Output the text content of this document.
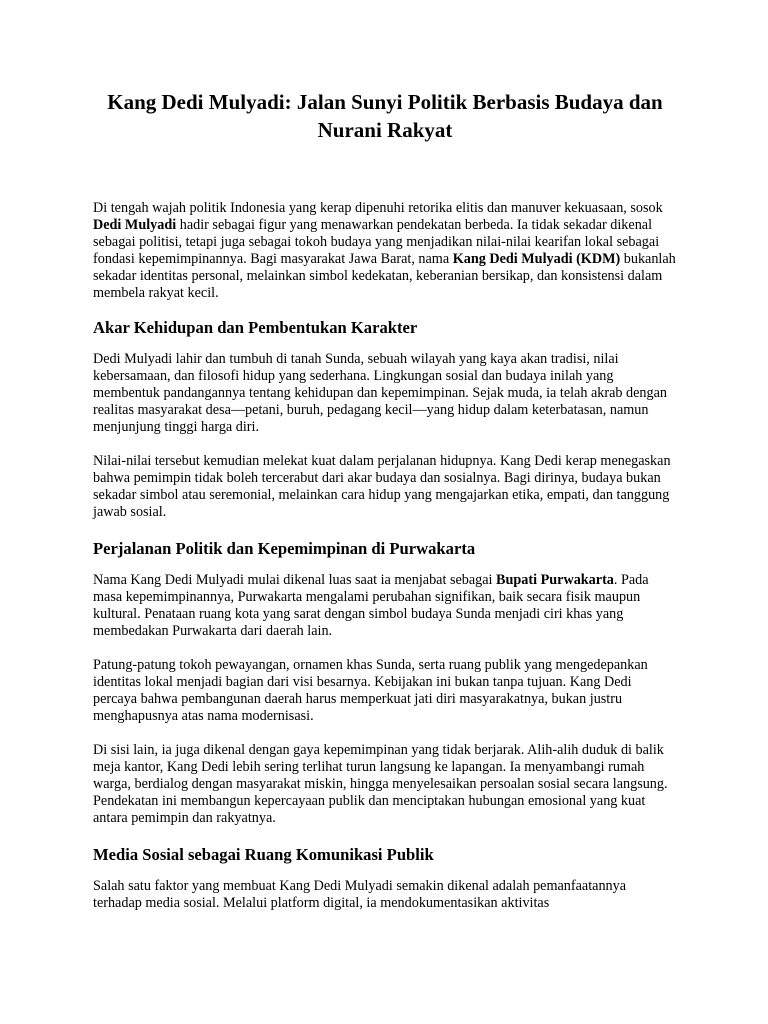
Kang Dedi Mulyadi: Jalan Sunyi Politik Berbasis Budaya dan Nurani Rakyat

Di tengah wajah politik Indonesia yang kerap dipenuhi retorika elitis dan manuver kekuasaan, sosok Dedi Mulyadi hadir sebagai figur yang menawarkan pendekatan berbeda. Ia tidak sekadar dikenal sebagai politisi, tetapi juga sebagai tokoh budaya yang menjadikan nilai-nilai kearifan lokal sebagai fondasi kepemimpinannya. Bagi masyarakat Jawa Barat, nama Kang Dedi Mulyadi (KDM) bukanlah sekadar identitas personal, melainkan simbol kedekatan, keberanian bersikap, dan konsistensi dalam membela rakyat kecil.

Akar Kehidupan dan Pembentukan Karakter

Dedi Mulyadi lahir dan tumbuh di tanah Sunda, sebuah wilayah yang kaya akan tradisi, nilai kebersamaan, dan filosofi hidup yang sederhana. Lingkungan sosial dan budaya inilah yang membentuk pandangannya tentang kehidupan dan kepemimpinan. Sejak muda, ia telah akrab dengan realitas masyarakat desa—petani, buruh, pedagang kecil—yang hidup dalam keterbatasan, namun menjunjung tinggi harga diri.

Nilai-nilai tersebut kemudian melekat kuat dalam perjalanan hidupnya. Kang Dedi kerap menegaskan bahwa pemimpin tidak boleh tercerabut dari akar budaya dan sosialnya. Bagi dirinya, budaya bukan sekadar simbol atau seremonial, melainkan cara hidup yang mengajarkan etika, empati, dan tanggung jawab sosial.

Perjalanan Politik dan Kepemimpinan di Purwakarta

Nama Kang Dedi Mulyadi mulai dikenal luas saat ia menjabat sebagai Bupati Purwakarta. Pada masa kepemimpinannya, Purwakarta mengalami perubahan signifikan, baik secara fisik maupun kultural. Penataan ruang kota yang sarat dengan simbol budaya Sunda menjadi ciri khas yang membedakan Purwakarta dari daerah lain.

Patung-patung tokoh pewayangan, ornamen khas Sunda, serta ruang publik yang mengedepankan identitas lokal menjadi bagian dari visi besarnya. Kebijakan ini bukan tanpa tujuan. Kang Dedi percaya bahwa pembangunan daerah harus memperkuat jati diri masyarakatnya, bukan justru menghapusnya atas nama modernisasi.

Di sisi lain, ia juga dikenal dengan gaya kepemimpinan yang tidak berjarak. Alih-alih duduk di balik meja kantor, Kang Dedi lebih sering terlihat turun langsung ke lapangan. Ia menyambangi rumah warga, berdialog dengan masyarakat miskin, hingga menyelesaikan persoalan sosial secara langsung. Pendekatan ini membangun kepercayaan publik dan menciptakan hubungan emosional yang kuat antara pemimpin dan rakyatnya.

Media Sosial sebagai Ruang Komunikasi Publik

Salah satu faktor yang membuat Kang Dedi Mulyadi semakin dikenal adalah pemanfaatannya terhadap media sosial. Melalui platform digital, ia mendokumentasikan aktivitas
